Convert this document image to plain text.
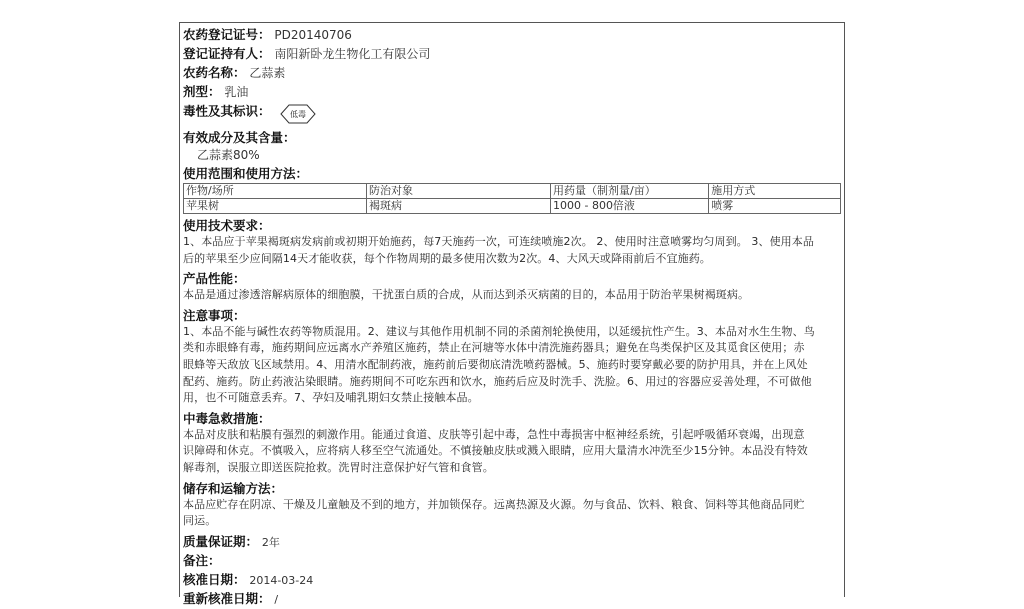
农药登记证号： PD20140706
登记证持有人： 南阳新卧龙生物化工有限公司
农药名称： 乙蒜素
剂型： 乳油
毒性及其标识： 低毒
有效成分及其含量：
乙蒜素80%
使用范围和使用方法：
作物/场所	防治对象	用药量（制剂量/亩）	施用方式
苹果树	褐斑病	1000 - 800倍液	喷雾
使用技术要求：
1、本品应于苹果褐斑病发病前或初期开始施药，每7天施药一次，可连续喷施2次。 2、使用时注意喷雾均匀周到。 3、使用本品
后的苹果至少应间隔14天才能收获，每个作物周期的最多使用次数为2次。4、大风天或降雨前后不宜施药。
产品性能：
本品是通过渗透溶解病原体的细胞膜，干扰蛋白质的合成，从而达到杀灭病菌的目的，本品用于防治苹果树褐斑病。
注意事项：
1、本品不能与碱性农药等物质混用。2、建议与其他作用机制不同的杀菌剂轮换使用，以延缓抗性产生。3、本品对水生生物、鸟
类和赤眼蜂有毒，施药期间应远离水产养殖区施药，禁止在河塘等水体中清洗施药器具；避免在鸟类保护区及其觅食区使用；赤
眼蜂等天敌放飞区域禁用。4、用清水配制药液，施药前后要彻底清洗喷药器械。5、施药时要穿戴必要的防护用具，并在上风处
配药、施药。防止药液沾染眼睛。施药期间不可吃东西和饮水，施药后应及时洗手、洗脸。6、用过的容器应妥善处理，不可做他
用，也不可随意丢弃。7、孕妇及哺乳期妇女禁止接触本品。
中毒急救措施：
本品对皮肤和粘膜有强烈的刺激作用。能通过食道、皮肤等引起中毒，急性中毒损害中枢神经系统，引起呼吸循环衰竭，出现意
识障碍和休克。不慎吸入，应将病人移至空气流通处。不慎接触皮肤或溅入眼睛，应用大量清水冲洗至少15分钟。本品没有特效
解毒剂，误服立即送医院抢救。洗胃时注意保护好气管和食管。
储存和运输方法：
本品应贮存在阴凉、干燥及儿童触及不到的地方，并加锁保存。远离热源及火源。勿与食品、饮料、粮食、饲料等其他商品同贮
同运。
质量保证期： 2年
备注：
核准日期： 2014-03-24
重新核准日期： /
